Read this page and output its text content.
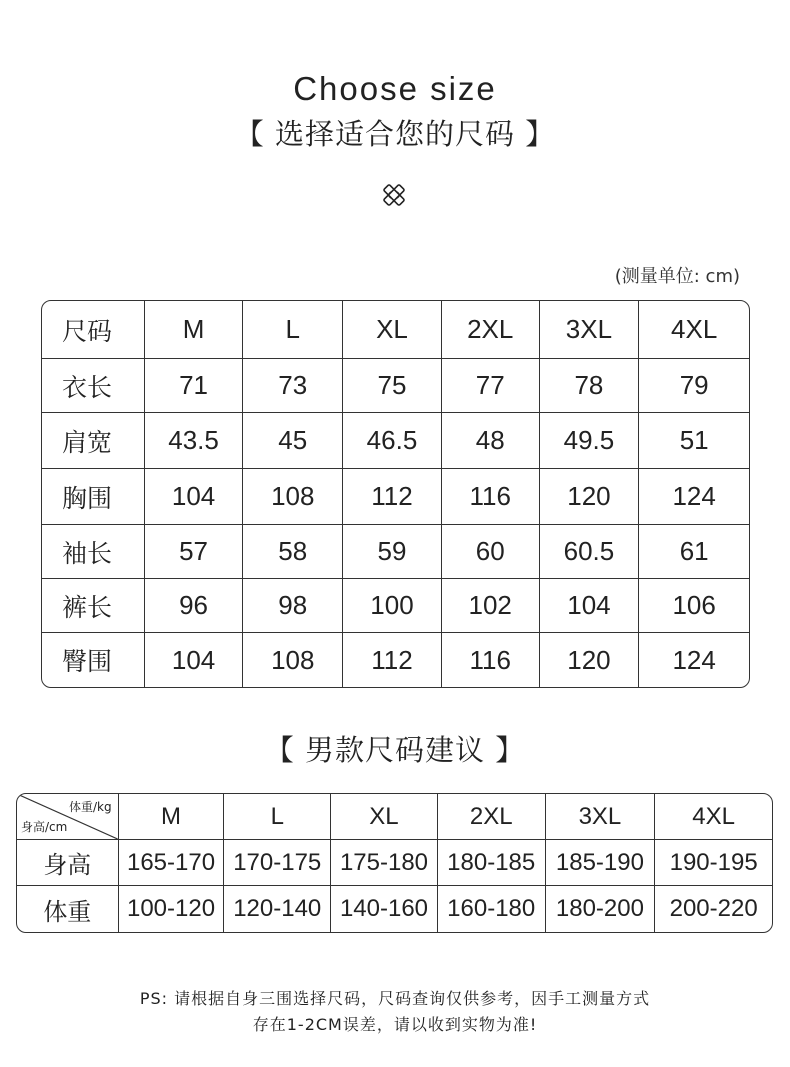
Choose size
【 选择适合您的尺码 】
(测量单位: cm)
尺码	M	L	XL	2XL	3XL	4XL
衣长	71	73	75	77	78	79
肩宽	43.5	45	46.5	48	49.5	51
胸围	104	108	112	116	120	124
袖长	57	58	59	60	60.5	61
裤长	96	98	100	102	104	106
臀围	104	108	112	116	120	124
【 男款尺码建议 】
体重/kg
身高/cm	M	L	XL	2XL	3XL	4XL
身高	165-170	170-175	175-180	180-185	185-190	190-195
体重	100-120	120-140	140-160	160-180	180-200	200-220
PS: 请根据自身三围选择尺码，尺码查询仅供参考，因手工测量方式
存在1-2CM误差，请以收到实物为准!
